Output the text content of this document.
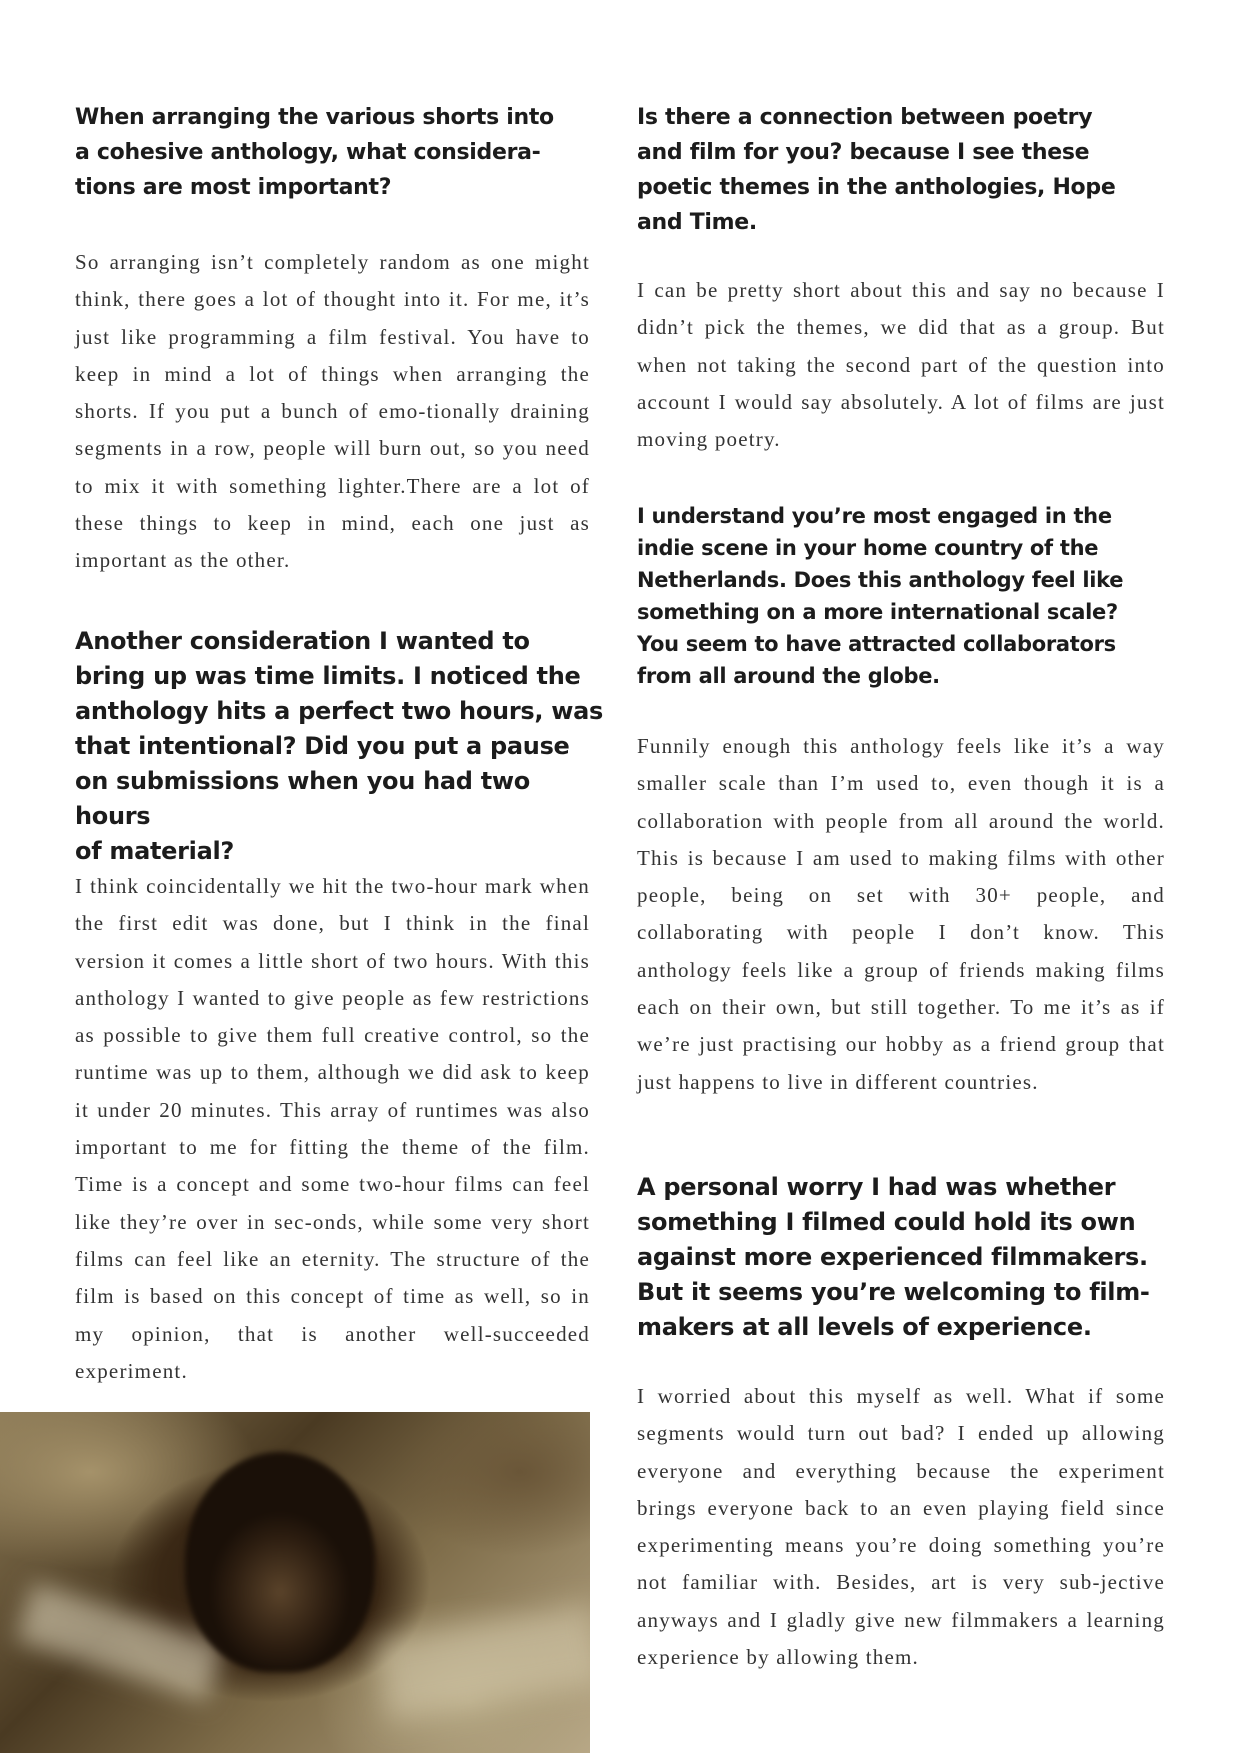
When arranging the various shorts into
a cohesive anthology, what considera-
tions are most important?

So arranging isn’t completely random as one might think, there goes a lot of thought into it. For me, it’s just like programming a film festival. You have to keep in mind a lot of things when arranging the shorts. If you put a bunch of emo-tionally draining segments in a row, people will burn out, so you need to mix it with something lighter.There are a lot of these things to keep in mind, each one just as important as the other.

Another consideration I wanted to
bring up was time limits. I noticed the
anthology hits a perfect two hours, was
that intentional? Did you put a pause
on submissions when you had two hours
of material?

I think coincidentally we hit the two-hour mark when the first edit was done, but I think in the final version it comes a little short of two hours. With this anthology I wanted to give people as few restrictions as possible to give them full creative control, so the runtime was up to them, although we did ask to keep it under 20 minutes. This array of runtimes was also important to me for fitting the theme of the film. Time is a concept and some two-hour films can feel like they’re over in sec-onds, while some very short films can feel like an eternity. The structure of the film is based on this concept of time as well, so in my opinion, that is another well-succeeded experiment.

Is there a connection between poetry
and film for you? because I see these
poetic themes in the anthologies, Hope
and Time.

I can be pretty short about this and say no because I didn’t pick the themes, we did that as a group. But when not taking the second part of the question into account I would say absolutely. A lot of films are just moving poetry.

I understand you’re most engaged in the
indie scene in your home country of the
Netherlands. Does this anthology feel like
something on a more international scale?
You seem to have attracted collaborators
from all around the globe.

Funnily enough this anthology feels like it’s a way smaller scale than I’m used to, even though it is a collaboration with people from all around the world. This is because I am used to making films with other people, being on set with 30+ people, and collaborating with people I don’t know. This anthology feels like a group of friends making films each on their own, but still together. To me it’s as if we’re just practising our hobby as a friend group that just happens to live in different countries.

A personal worry I had was whether
something I filmed could hold its own
against more experienced filmmakers.
But it seems you’re welcoming to film-
makers at all levels of experience.

I worried about this myself as well. What if some segments would turn out bad? I ended up allowing everyone and everything because the experiment brings everyone back to an even playing field since experimenting means you’re doing something you’re not familiar with. Besides, art is very sub-jective anyways and I gladly give new filmmakers a learning experience by allowing them.
